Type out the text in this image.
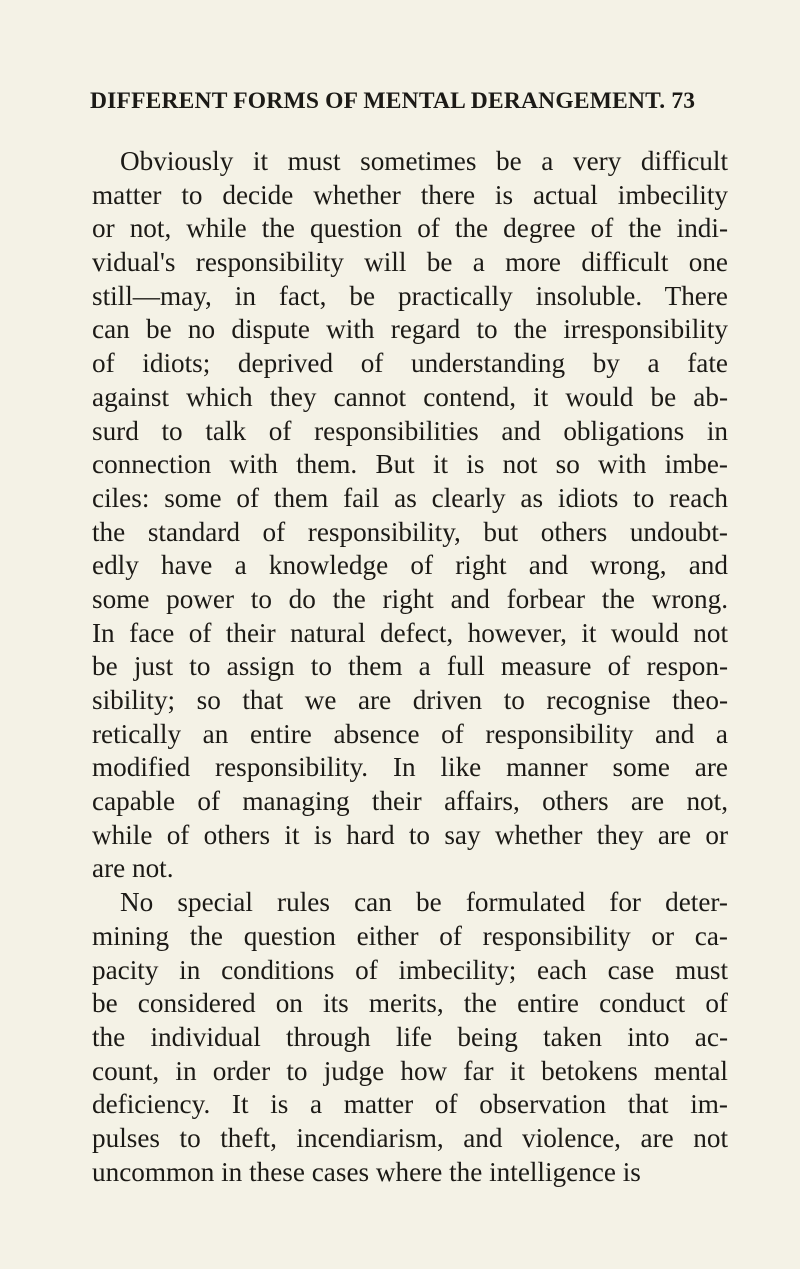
DIFFERENT FORMS OF MENTAL DERANGEMENT. 73
Obviously it must sometimes be a very difficult
matter to decide whether there is actual imbecility
or not, while the question of the degree of the indi-
vidual's responsibility will be a more difficult one
still—may, in fact, be practically insoluble. There
can be no dispute with regard to the irresponsibility
of idiots; deprived of understanding by a fate
against which they cannot contend, it would be ab-
surd to talk of responsibilities and obligations in
connection with them. But it is not so with imbe-
ciles: some of them fail as clearly as idiots to reach
the standard of responsibility, but others undoubt-
edly have a knowledge of right and wrong, and
some power to do the right and forbear the wrong.
In face of their natural defect, however, it would not
be just to assign to them a full measure of respon-
sibility; so that we are driven to recognise theo-
retically an entire absence of responsibility and a
modified responsibility. In like manner some are
capable of managing their affairs, others are not,
while of others it is hard to say whether they are or
are not.
No special rules can be formulated for deter-
mining the question either of responsibility or ca-
pacity in conditions of imbecility; each case must
be considered on its merits, the entire conduct of
the individual through life being taken into ac-
count, in order to judge how far it betokens mental
deficiency. It is a matter of observation that im-
pulses to theft, incendiarism, and violence, are not
uncommon in these cases where the intelligence is
